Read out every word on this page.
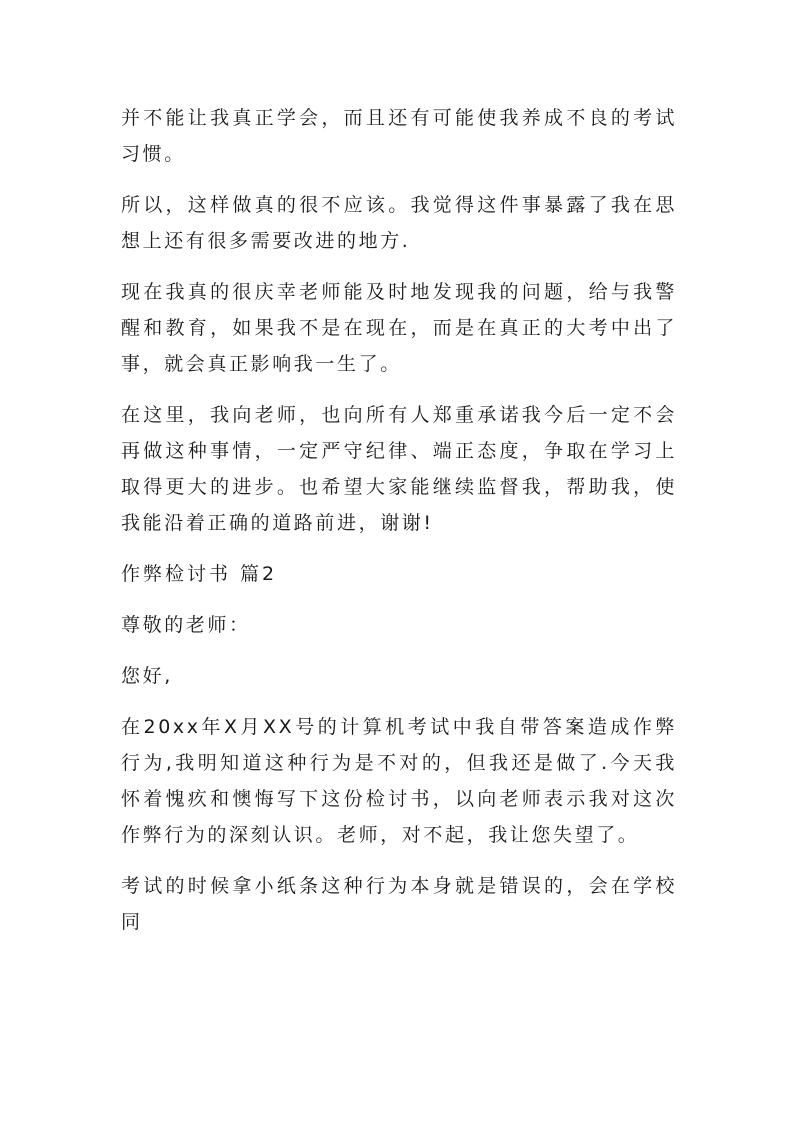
并不能让我真正学会，而且还有可能使我养成不良的考试习惯。

所以，这样做真的很不应该。我觉得这件事暴露了我在思想上还有很多需要改进的地方.

现在我真的很庆幸老师能及时地发现我的问题，给与我警醒和教育，如果我不是在现在，而是在真正的大考中出了事，就会真正影响我一生了。

在这里，我向老师，也向所有人郑重承诺我今后一定不会再做这种事情，一定严守纪律、端正态度，争取在学习上取得更大的进步。也希望大家能继续监督我，帮助我，使我能沿着正确的道路前进，谢谢!

作弊检讨书 篇2

尊敬的老师：

您好,

在20xx年X月XX号的计算机考试中我自带答案造成作弊行为,我明知道这种行为是不对的，但我还是做了.今天我怀着愧疚和懊悔写下这份检讨书，以向老师表示我对这次作弊行为的深刻认识。老师，对不起，我让您失望了。

考试的时候拿小纸条这种行为本身就是错误的，会在学校同
